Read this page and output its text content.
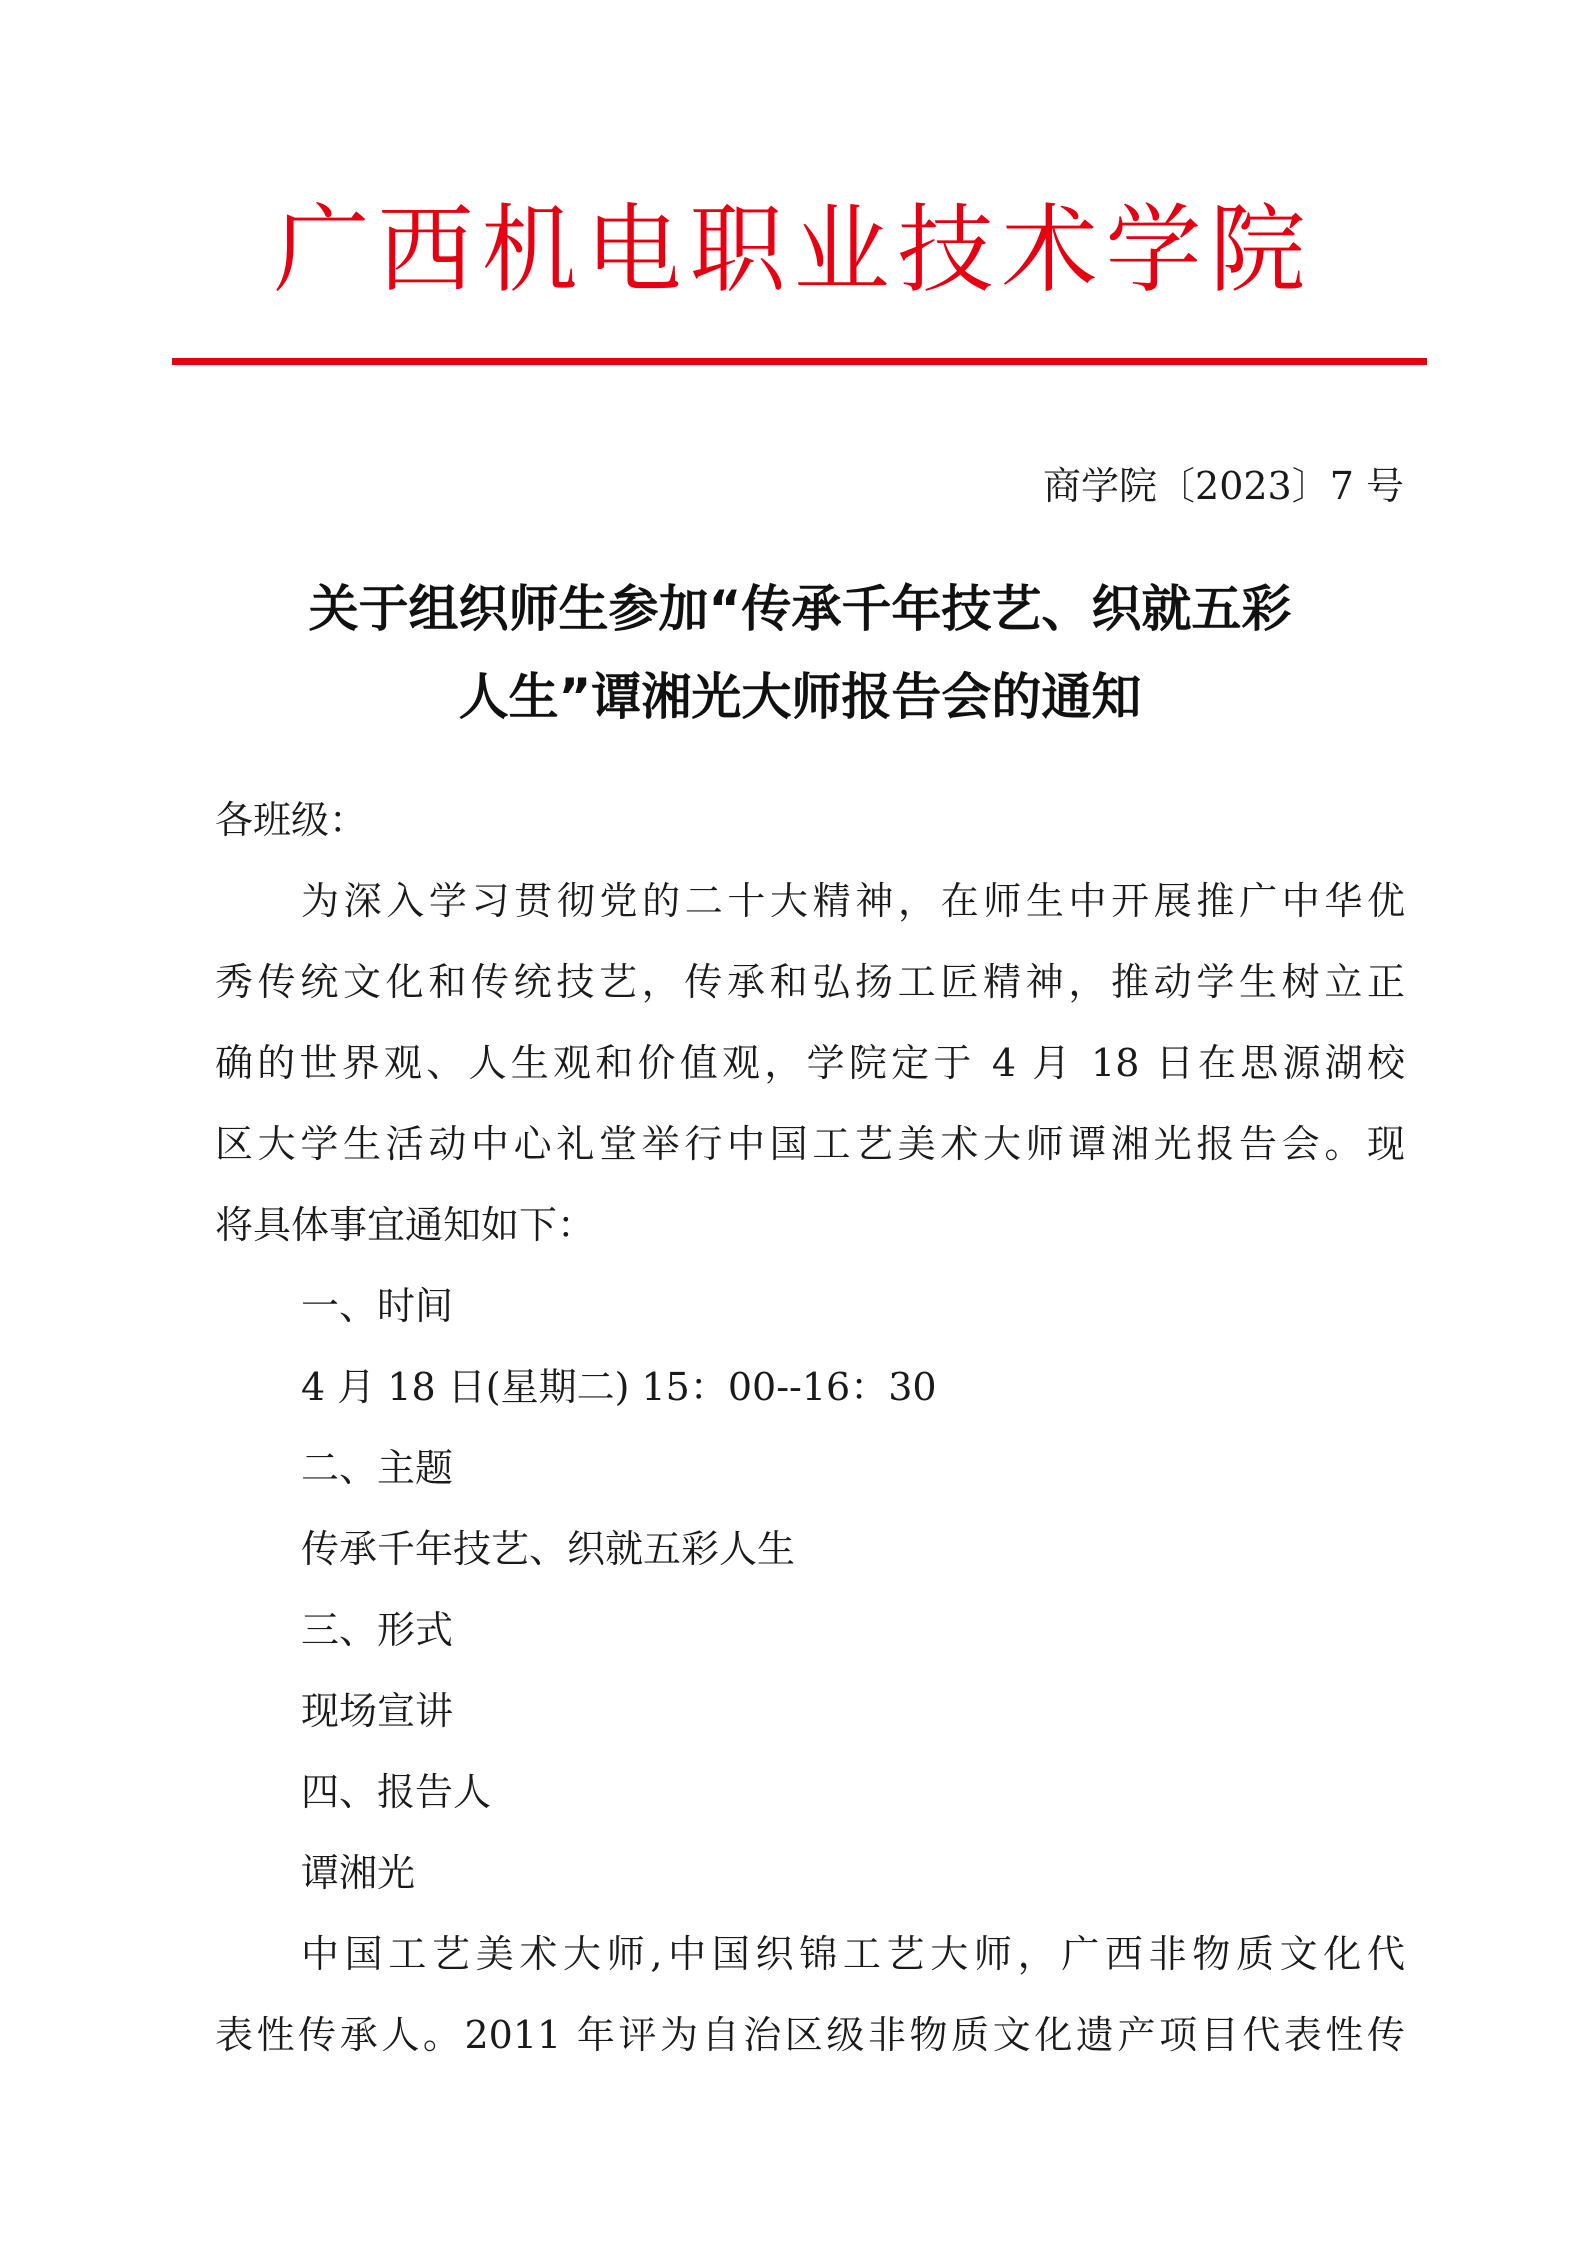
广西机电职业技术学院
商学院〔2023〕7 号
关于组织师生参加“传承千年技艺、织就五彩
人生”谭湘光大师报告会的通知
各班级：
为深入学习贯彻党的二十大精神，在师生中开展推广中华优
秀传统文化和传统技艺，传承和弘扬工匠精神，推动学生树立正
确的世界观、人生观和价值观，学院定于 4 月 18 日在思源湖校
区大学生活动中心礼堂举行中国工艺美术大师谭湘光报告会。现
将具体事宜通知如下：
一、时间
4 月 18 日(星期二) 15：00--16：30
二、主题
传承千年技艺、织就五彩人生
三、形式
现场宣讲
四、报告人
谭湘光
中国工艺美术大师,中国织锦工艺大师，广西非物质文化代
表性传承人。2011 年评为自治区级非物质文化遗产项目代表性传
